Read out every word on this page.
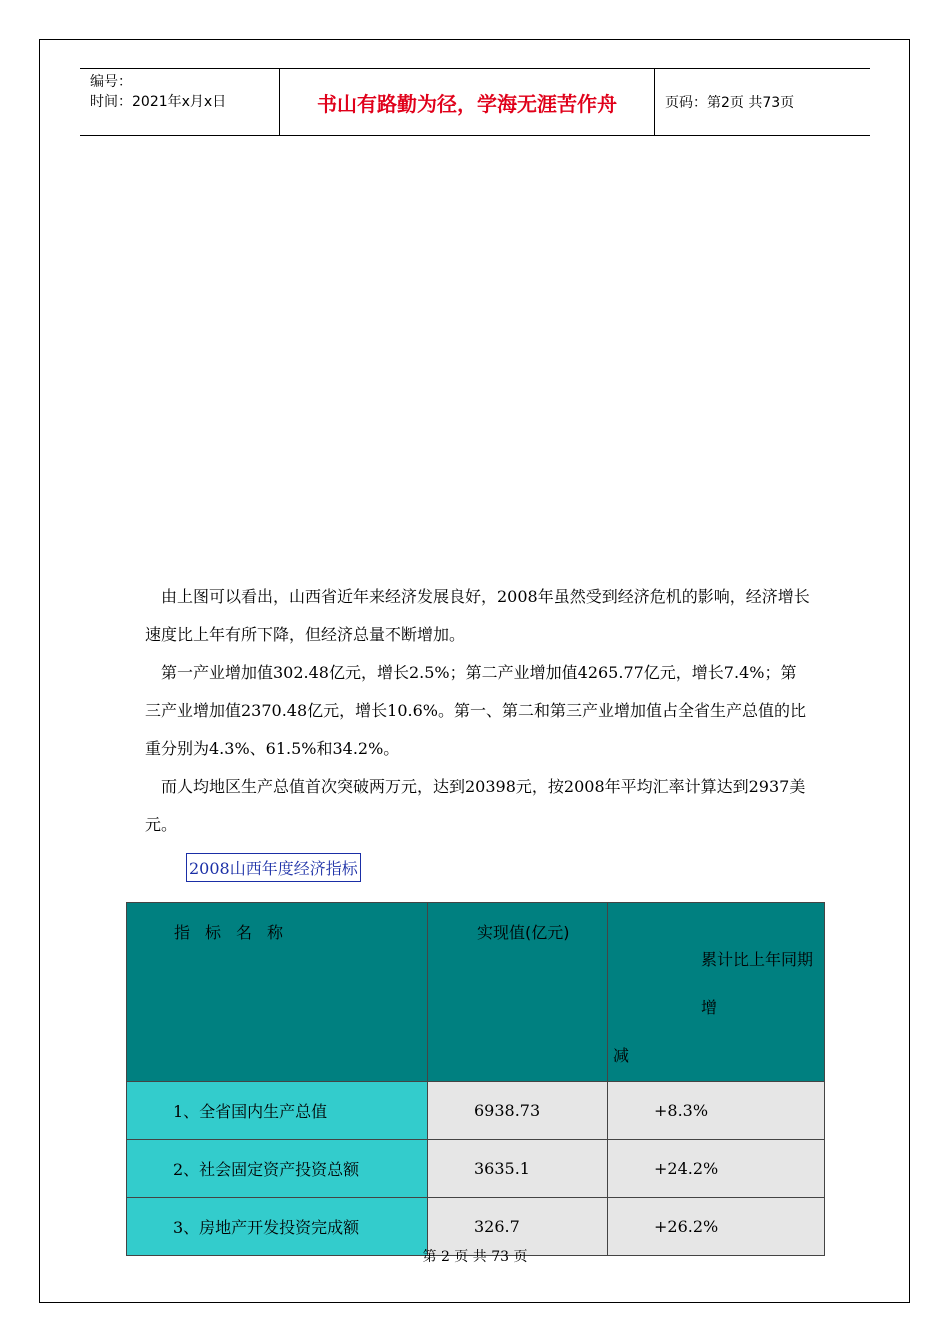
编号：
时间：2021年x月x日	书山有路勤为径，学海无涯苦作舟	页码：第2页 共73页

由上图可以看出，山西省近年来经济发展良好，2008年虽然受到经济危机的影响，经济增长速度比上年有所下降，但经济总量不断增加。

第一产业增加值302.48亿元，增长2.5%；第二产业增加值4265.77亿元，增长7.4%；第三产业增加值2370.48亿元，增长10.6%。第一、第二和第三产业增加值占全省生产总值的比重分别为4.3%、61.5%和34.2%。

而人均地区生产总值首次突破两万元，达到20398元，按2008年平均汇率计算达到2937美元。

2008山西年度经济指标
指标名称	实现值(亿元)	累计比上年同期增
减

1、全省国内生产总值	6938.73	+8.3%
2、社会固定资产投资总额	3635.1	+24.2%
3、房地产开发投资完成额	326.7	+26.2%
第 2 页 共 73 页
